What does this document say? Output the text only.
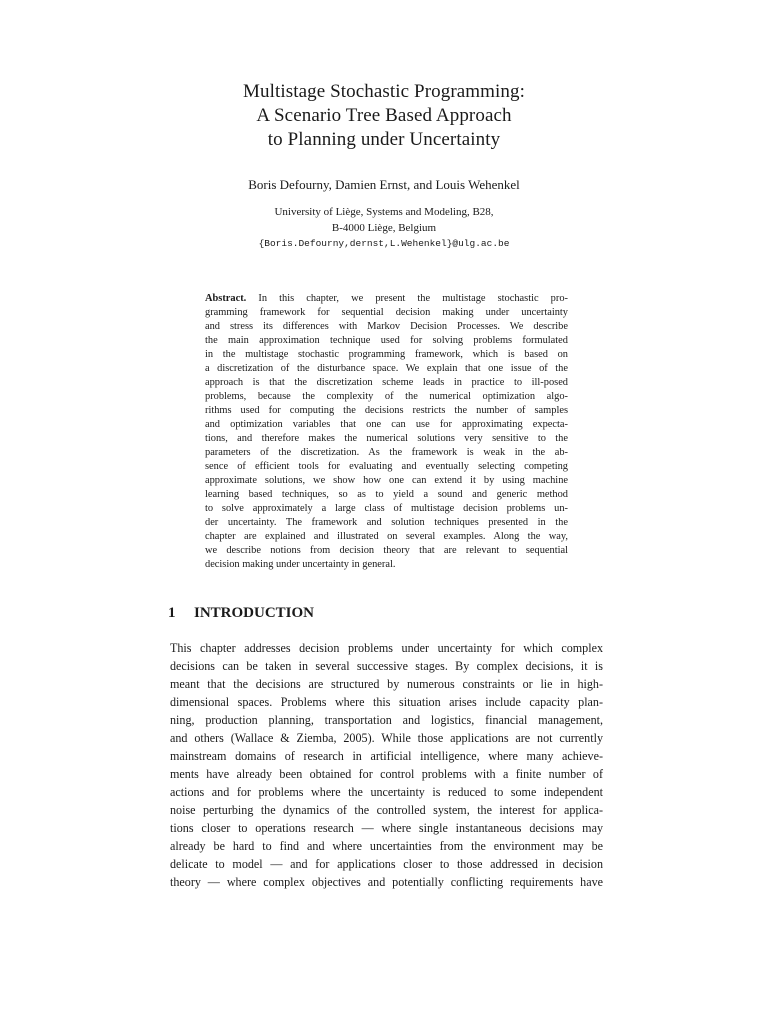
Multistage Stochastic Programming:
A Scenario Tree Based Approach
to Planning under Uncertainty
Boris Defourny, Damien Ernst, and Louis Wehenkel
University of Liège, Systems and Modeling, B28,
B-4000 Liège, Belgium
{Boris.Defourny,dernst,L.Wehenkel}@ulg.ac.be
Abstract. In this chapter, we present the multistage stochastic pro-
gramming framework for sequential decision making under uncertainty
and stress its differences with Markov Decision Processes. We describe
the main approximation technique used for solving problems formulated
in the multistage stochastic programming framework, which is based on
a discretization of the disturbance space. We explain that one issue of the
approach is that the discretization scheme leads in practice to ill-posed
problems, because the complexity of the numerical optimization algo-
rithms used for computing the decisions restricts the number of samples
and optimization variables that one can use for approximating expecta-
tions, and therefore makes the numerical solutions very sensitive to the
parameters of the discretization. As the framework is weak in the ab-
sence of efficient tools for evaluating and eventually selecting competing
approximate solutions, we show how one can extend it by using machine
learning based techniques, so as to yield a sound and generic method
to solve approximately a large class of multistage decision problems un-
der uncertainty. The framework and solution techniques presented in the
chapter are explained and illustrated on several examples. Along the way,
we describe notions from decision theory that are relevant to sequential
decision making under uncertainty in general.
1 INTRODUCTION
This chapter addresses decision problems under uncertainty for which complex
decisions can be taken in several successive stages. By complex decisions, it is
meant that the decisions are structured by numerous constraints or lie in high-
dimensional spaces. Problems where this situation arises include capacity plan-
ning, production planning, transportation and logistics, financial management,
and others (Wallace & Ziemba, 2005). While those applications are not currently
mainstream domains of research in artificial intelligence, where many achieve-
ments have already been obtained for control problems with a finite number of
actions and for problems where the uncertainty is reduced to some independent
noise perturbing the dynamics of the controlled system, the interest for applica-
tions closer to operations research — where single instantaneous decisions may
already be hard to find and where uncertainties from the environment may be
delicate to model — and for applications closer to those addressed in decision
theory — where complex objectives and potentially conflicting requirements have
